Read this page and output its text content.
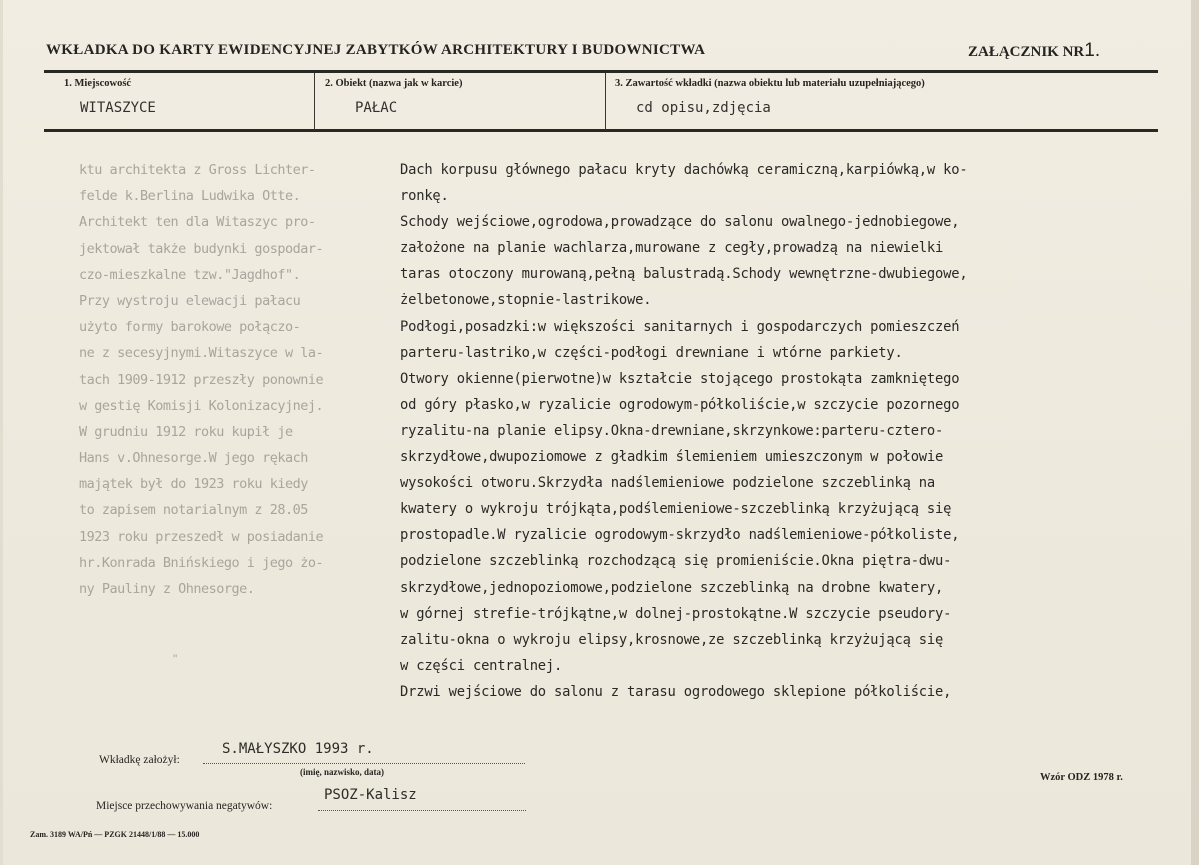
WKŁADKA DO KARTY EWIDENCYJNEJ ZABYTKÓW ARCHITEKTURY I BUDOWNICTWA	ZAŁĄCZNIK NR1.
1. Miejscowość
WITASZYCE
2. Obiekt (nazwa jak w karcie)
PAŁAC
3. Zawartość wkładki (nazwa obiektu lub materiału uzupełniającego)
cd opisu,zdjęcia
ktu architekta z Gross Lichter-
felde k.Berlina Ludwika Otte.
Architekt ten dla Witaszyc pro-
jektował także budynki gospodar-
czo-mieszkalne tzw."Jagdhof".
Przy wystroju elewacji pałacu
użyto formy barokowe połączo-
ne z secesyjnymi.Witaszyce w la-
tach 1909-1912 przeszły ponownie
w gestię Komisji Kolonizacyjnej.
W grudniu 1912 roku kupił je
Hans v.Ohnesorge.W jego rękach
majątek był do 1923 roku kiedy
to zapisem notarialnym z 28.05
1923 roku przeszedł w posiadanie
hr.Konrada Bnińskiego i jego żo-
ny Pauliny z Ohnesorge.
"
Dach korpusu głównego pałacu kryty dachówką ceramiczną,karpiówką,w ko-
ronkę.
Schody wejściowe,ogrodowa,prowadzące do salonu owalnego-jednobiegowe,
założone na planie wachlarza,murowane z cegły,prowadzą na niewielki
taras otoczony murowaną,pełną balustradą.Schody wewnętrzne-dwubiegowe,
żelbetonowe,stopnie-lastrikowe.
Podłogi,posadzki:w większości sanitarnych i gospodarczych pomieszczeń
parteru-lastriko,w części-podłogi drewniane i wtórne parkiety.
Otwory okienne(pierwotne)w kształcie stojącego prostokąta zamkniętego
od góry płasko,w ryzalicie ogrodowym-półkoliście,w szczycie pozornego
ryzalitu-na planie elipsy.Okna-drewniane,skrzynkowe:parteru-cztero-
skrzydłowe,dwupoziomowe z gładkim ślemieniem umieszczonym w połowie
wysokości otworu.Skrzydła nadślemieniowe podzielone szczeblinką na
kwatery o wykroju trójkąta,podślemieniowe-szczeblinką krzyżującą się
prostopadle.W ryzalicie ogrodowym-skrzydło nadślemieniowe-półkoliste,
podzielone szczeblinką rozchodzącą się promieniście.Okna piętra-dwu-
skrzydłowe,jednopoziomowe,podzielone szczeblinką na drobne kwatery,
w górnej strefie-trójkątne,w dolnej-prostokątne.W szczycie pseudory-
zalitu-okna o wykroju elipsy,krosnowe,ze szczeblinką krzyżującą się
w części centralnej.
Drzwi wejściowe do salonu z tarasu ogrodowego sklepione półkoliście,
Wkładkę założył:
S.MAŁYSZKO 1993 r.
(imię, nazwisko, data)	Wzór ODZ 1978 r.
Miejsce przechowywania negatywów:
PSOZ-Kalisz
Zam. 3189 WA/Pń — PZGK 21448/1/88 — 15.000
